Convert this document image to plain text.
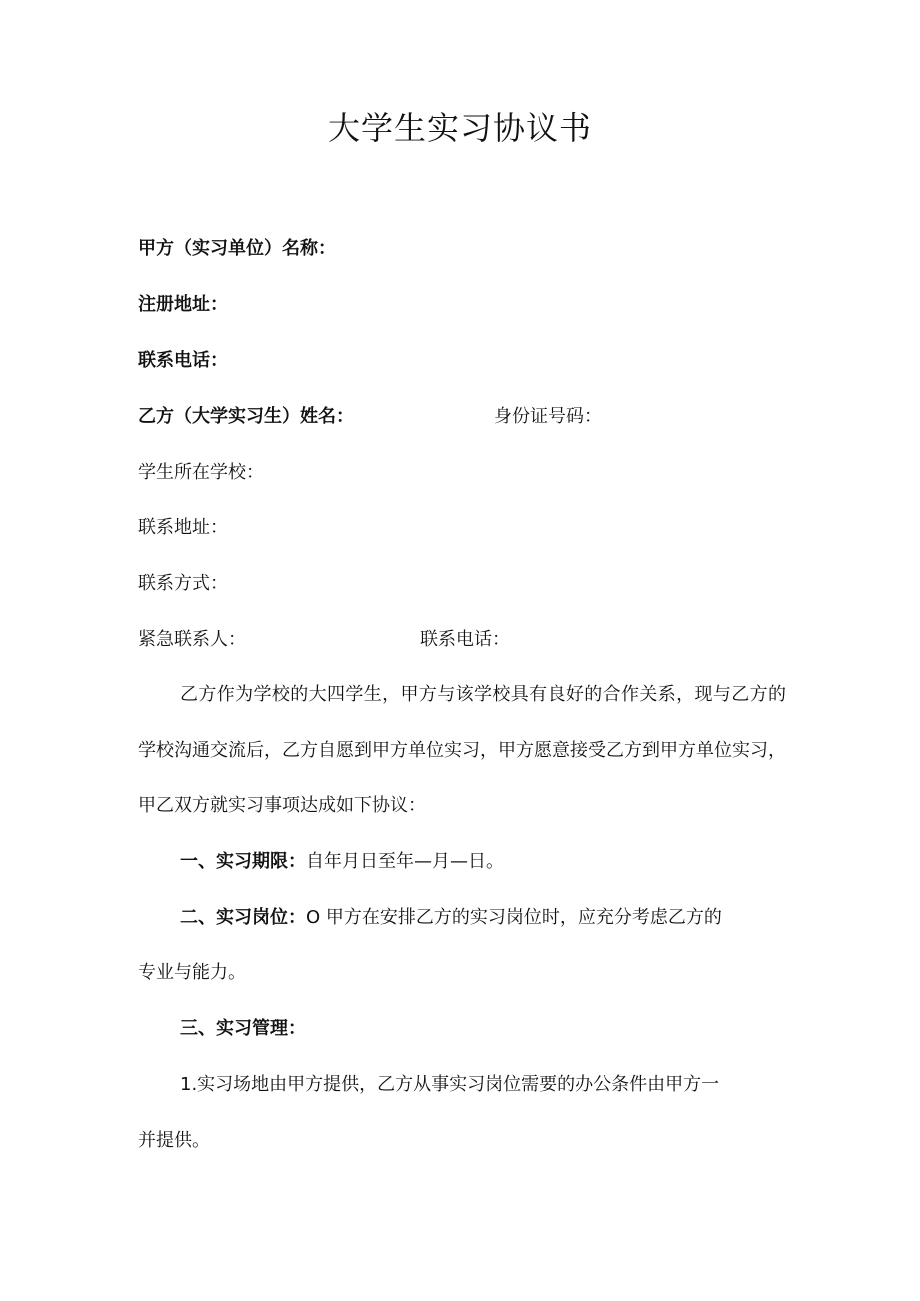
大学生实习协议书
甲方（实习单位）名称：
注册地址：
联系电话：
乙方（大学实习生）姓名：	身份证号码：
学生所在学校：
联系地址：
联系方式：
紧急联系人：	联系电话：
乙方作为学校的大四学生，甲方与该学校具有良好的合作关系，现与乙方的学校沟通交流后，乙方自愿到甲方单位实习，甲方愿意接受乙方到甲方单位实习，甲乙双方就实习事项达成如下协议：
一、实习期限：自年月日至年—月—日。
二、实习岗位：O 甲方在安排乙方的实习岗位时，应充分考虑乙方的
专业与能力。
三、实习管理：
1.实习场地由甲方提供，乙方从事实习岗位需要的办公条件由甲方一
并提供。
